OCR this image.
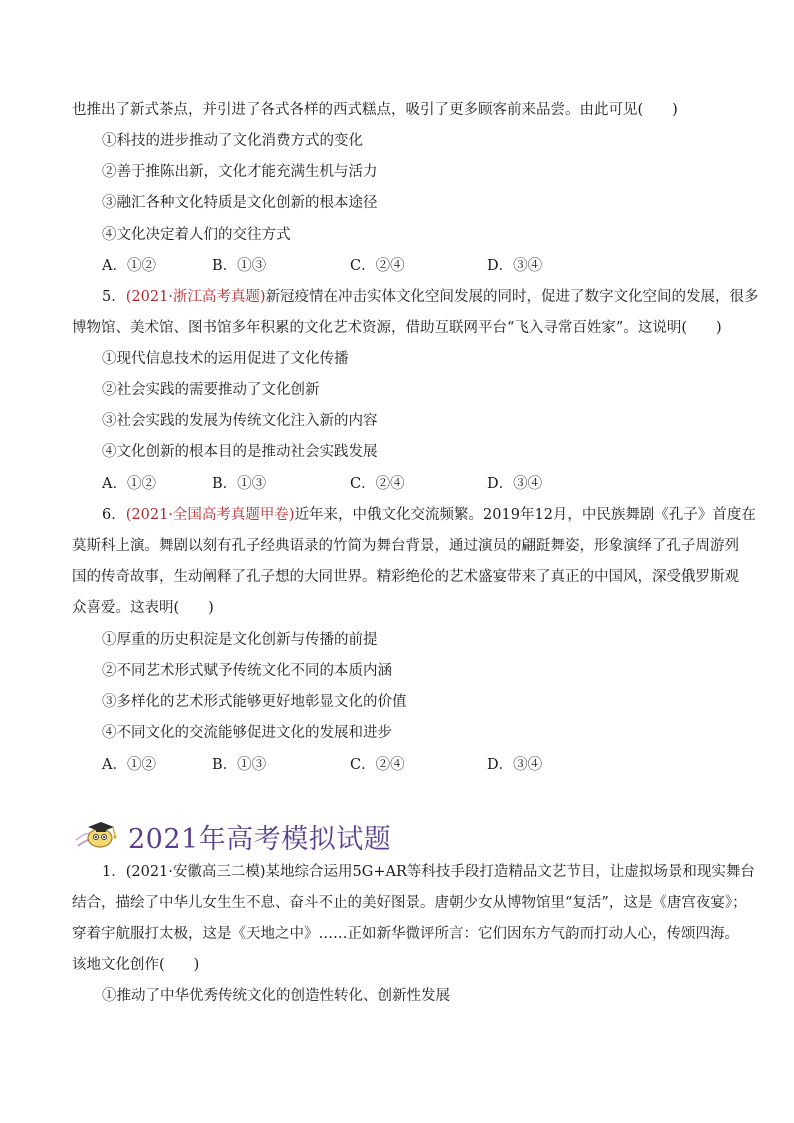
也推出了新式茶点，并引进了各式各样的西式糕点，吸引了更多顾客前来品尝。由此可见(　　)
①科技的进步推动了文化消费方式的变化
②善于推陈出新，文化才能充满生机与活力
③融汇各种文化特质是文化创新的根本途径
④文化决定着人们的交往方式
A．①②	B．①③	C．②④	D．③④
5．(2021·浙江高考真题)新冠疫情在冲击实体文化空间发展的同时，促进了数字文化空间的发展，很多
博物馆、美术馆、图书馆多年积累的文化艺术资源，借助互联网平台“飞入寻常百姓家”。这说明(　　)
①现代信息技术的运用促进了文化传播
②社会实践的需要推动了文化创新
③社会实践的发展为传统文化注入新的内容
④文化创新的根本目的是推动社会实践发展
A．①②	B．①③	C．②④	D．③④
6．(2021·全国高考真题甲卷)近年来，中俄文化交流频繁。2019年12月，中民族舞剧《孔子》首度在
莫斯科上演。舞剧以刻有孔子经典语录的竹简为舞台背景，通过演员的翩跹舞姿，形象演绎了孔子周游列
国的传奇故事，生动阐释了孔子想的大同世界。精彩绝伦的艺术盛宴带来了真正的中国风，深受俄罗斯观
众喜爱。这表明(　　)
①厚重的历史积淀是文化创新与传播的前提
②不同艺术形式赋予传统文化不同的本质内涵
③多样化的艺术形式能够更好地彰显文化的价值
④不同文化的交流能够促进文化的发展和进步
A．①②	B．①③	C．②④	D．③④
2021年高考模拟试题
1．(2021·安徽高三二模)某地综合运用5G+AR等科技手段打造精品文艺节目，让虚拟场景和现实舞台
结合，描绘了中华儿女生生不息、奋斗不止的美好图景。唐朝少女从博物馆里“复活”，这是《唐宫夜宴》；
穿着宇航服打太极，这是《天地之中》……正如新华微评所言：它们因东方气韵而打动人心，传颂四海。
该地文化创作(　　)
①推动了中华优秀传统文化的创造性转化、创新性发展
